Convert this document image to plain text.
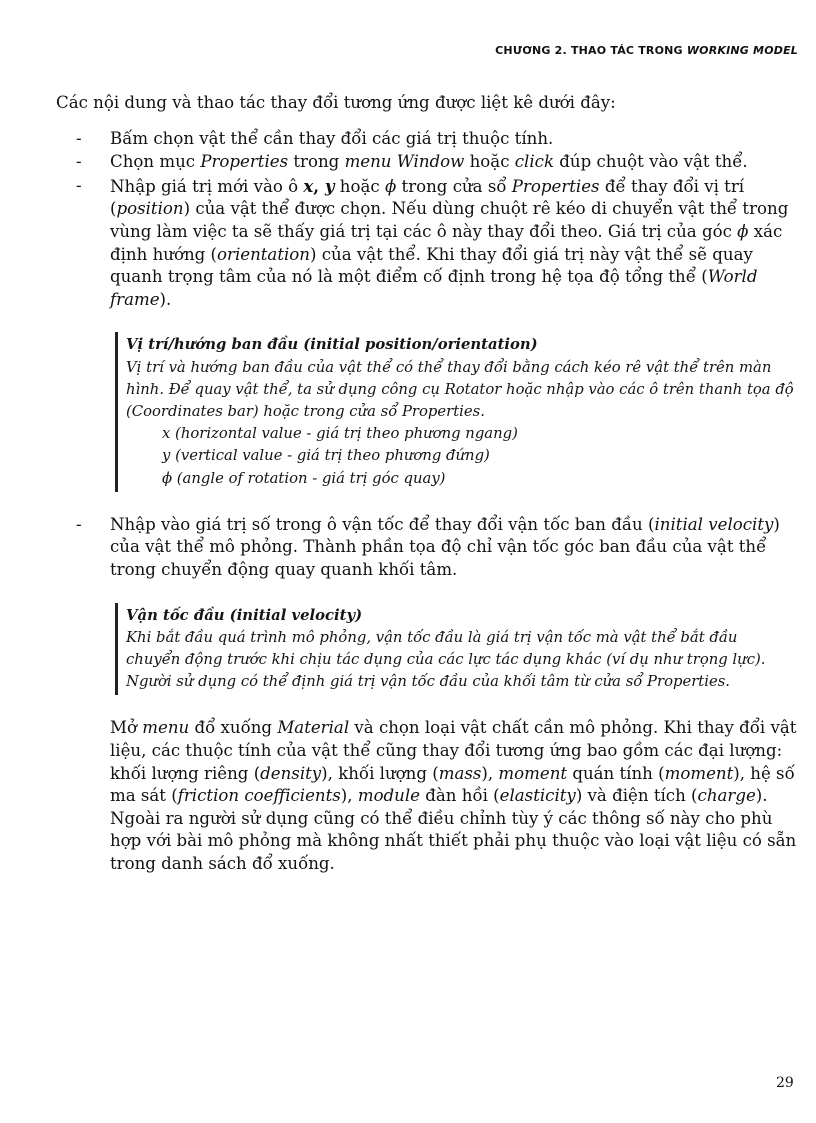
CHƯƠNG 2. THAO TÁC TRONG WORKING MODEL

Các nội dung và thao tác thay đổi tương ứng được liệt kê dưới đây:

- Bấm chọn vật thể cần thay đổi các giá trị thuộc tính.
- Chọn mục Properties trong menu Window hoặc click đúp chuột vào vật thể.
- Nhập giá trị mới vào ô x, y hoặc ϕ trong cửa sổ Properties để thay đổi vị trí (position) của vật thể được chọn. Nếu dùng chuột rê kéo di chuyển vật thể trong vùng làm việc ta sẽ thấy giá trị tại các ô này thay đổi theo. Giá trị của góc ϕ xác định hướng (orientation) của vật thể. Khi thay đổi giá trị này vật thể sẽ quay quanh trọng tâm của nó là một điểm cố định trong hệ tọa độ tổng thể (World frame).
Vị trí/hướng ban đầu (initial position/orientation)
Vị trí và hướng ban đầu của vật thể có thể thay đổi bằng cách kéo rê vật thể trên màn hình. Để quay vật thể, ta sử dụng công cụ Rotator hoặc nhập vào các ô trên thanh tọa độ (Coordinates bar) hoặc trong cửa sổ Properties.
x (horizontal value - giá trị theo phương ngang)
y (vertical value - giá trị theo phương đứng)
ϕ (angle of rotation - giá trị góc quay)
- Nhập vào giá trị số trong ô vận tốc để thay đổi vận tốc ban đầu (initial velocity) của vật thể mô phỏng. Thành phần tọa độ chỉ vận tốc góc ban đầu của vật thể trong chuyển động quay quanh khối tâm.
Vận tốc đầu (initial velocity)
Khi bắt đầu quá trình mô phỏng, vận tốc đầu là giá trị vận tốc mà vật thể bắt đầu chuyển động trước khi chịu tác dụng của các lực tác dụng khác (ví dụ như trọng lực). Người sử dụng có thể định giá trị vận tốc đầu của khối tâm từ cửa sổ Properties.

Mở menu đổ xuống Material và chọn loại vật chất cần mô phỏng. Khi thay đổi vật liệu, các thuộc tính của vật thể cũng thay đổi tương ứng bao gồm các đại lượng: khối lượng riêng (density), khối lượng (mass), moment quán tính (moment), hệ số ma sát (friction coefficients), module đàn hồi (elasticity) và điện tích (charge). Ngoài ra người sử dụng cũng có thể điều chỉnh tùy ý các thông số này cho phù hợp với bài mô phỏng mà không nhất thiết phải phụ thuộc vào loại vật liệu có sẵn trong danh sách đổ xuống.

29
